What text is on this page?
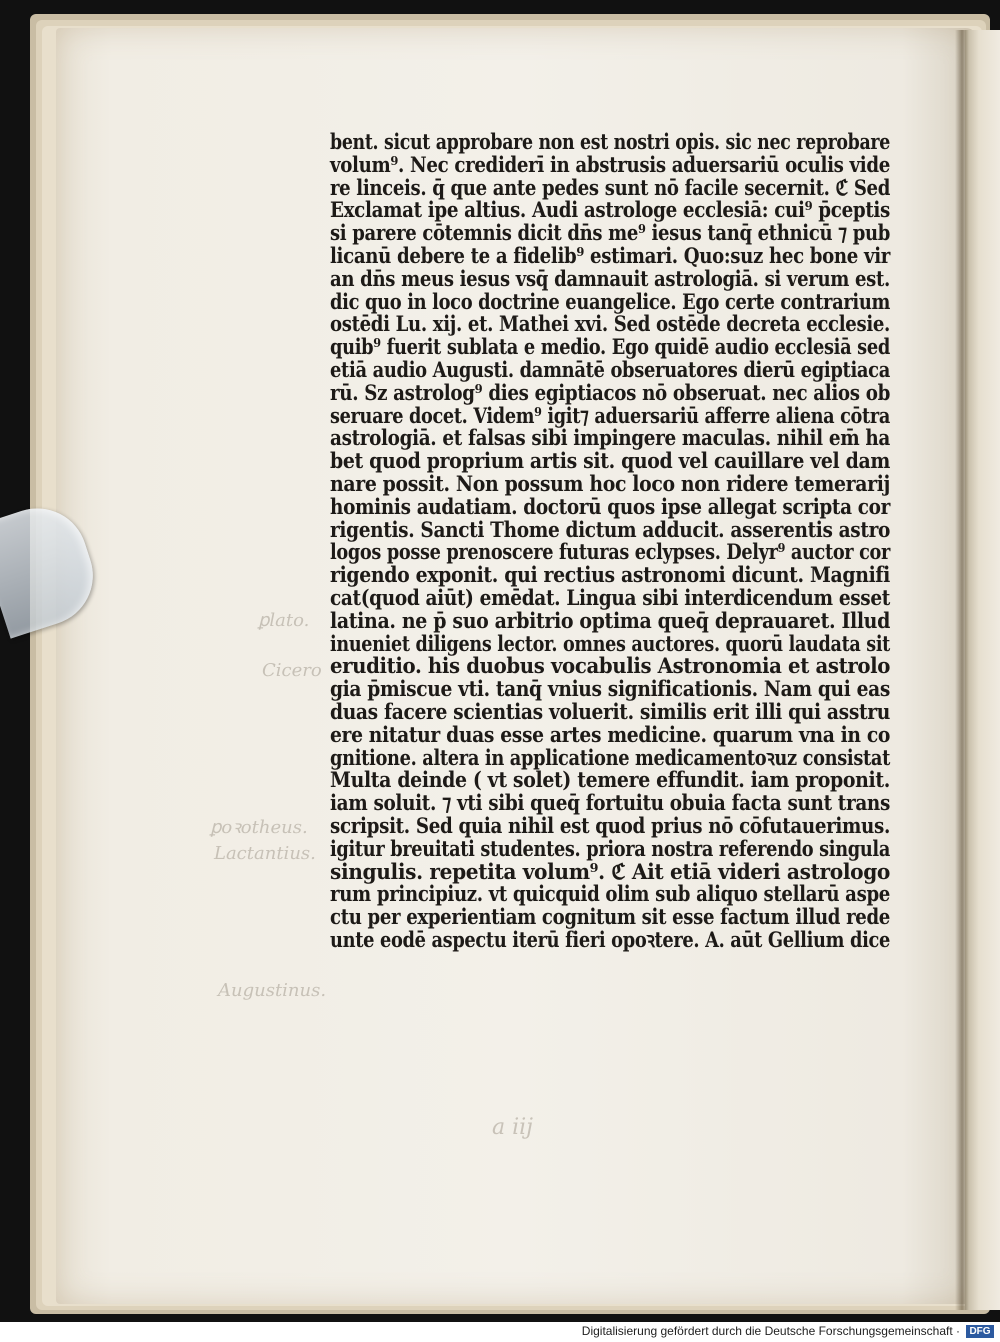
ꝑlato.
Cicero
ꝑoꝛotheus.
Lactantius.
Augustinus.
a iij
bent. sicut approbare non est nostri opis. sic nec reprobare
volum⁹. Nec crediderī in abstrusis aduersariū oculis vide
re linceis. q̄ que ante pedes sunt nō facile secernit. ℭ Sed
Exclamat ipe altius. Audi astrologe ecclesiā: cui⁹ p̄ceptis
si parere cōtemnis dicit dn̄s me⁹ iesus tanq̄ ethnicū ⁊ pub
licanū debere te a fidelib⁹ estimari. Quo:suz hec bone vir
an dn̄s meus iesus vsq̄ damnauit astrologiā. si verum est.
dic quo in loco doctrine euangelice. Ego certe contrarium
ostēdi Lu. xij. et. Mathei xvi. Sed ostēde decreta ecclesie.
quib⁹ fuerit sublata e medio. Ego quidē audio ecclesiā sed
etiā audio Augusti. damnātē obseruatores dierū egiptiaca
rū. Sz astrolog⁹ dies egiptiacos nō obseruat. nec alios ob
seruare docet. Videm⁹ igit⁊ aduersariū afferre aliena cōtra
astrologiā. et falsas sibi impingere maculas. nihil em̄ ha
bet quod proprium artis sit. quod vel cauillare vel dam
nare possit. Non possum hoc loco non ridere temerarij
hominis audatiam. doctorū quos ipse allegat scripta cor
rigentis. Sancti Thome dictum adducit. asserentis astro
logos posse prenoscere futuras eclypses. Delyr⁹ auctor cor
rigendo exponit. qui rectius astronomi dicunt. Magnifi
cat(quod aiūt) emēdat. Lingua sibi interdicendum esset
latina. ne p̄ suo arbitrio optima queq̄ deprauaret. Illud
inueniet diligens lector. omnes auctores. quorū laudata sit
eruditio. his duobus vocabulis Astronomia et astrolo
gia p̄miscue vti. tanq̄ vnius significationis. Nam qui eas
duas facere scientias voluerit. similis erit illi qui asstru
ere nitatur duas esse artes medicine. quarum vna in co
gnitione. altera in applicatione medicamentoꝛuz consistat
Multa deinde ( vt solet) temere effundit. iam proponit.
iam soluit. ⁊ vti sibi queq̄ fortuitu obuia facta sunt trans
scripsit. Sed quia nihil est quod prius nō cōfutauerimus.
igitur breuitati studentes. priora nostra referendo singula
singulis. repetita volum⁹. ℭ Ait etiā videri astrologo
rum principiuz. vt quicquid olim sub aliquo stellarū aspe
ctu per experientiam cognitum sit esse factum illud rede
unte eodē aspectu iterū fieri opoꝛtere. A. aūt Gellium dice
Digitalisierung gefördert durch die Deutsche Forschungsgemeinschaft · DFG
